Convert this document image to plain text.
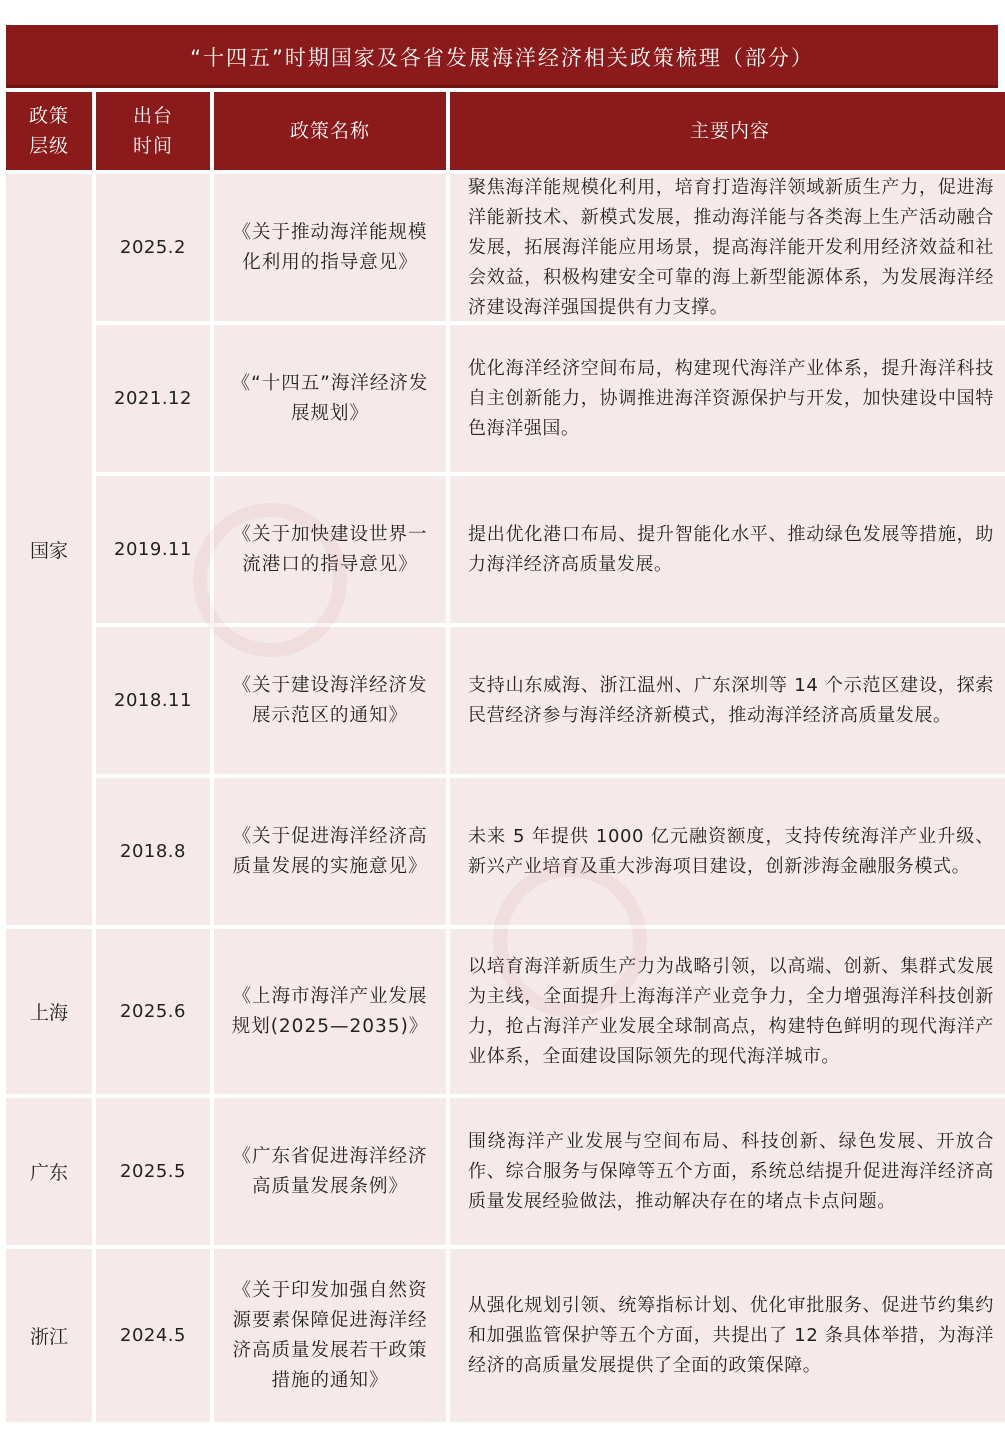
“十四五”时期国家及各省发展海洋经济相关政策梳理（部分）
政策
层级
出台
时间
政策名称	主要内容
国家
上海
广东
浙江
2025.2
《关于推动海洋能规模化利用的指导意见》
聚焦海洋能规模化利用，培育打造海洋领域新质生产力，促进海洋能新技术、新模式发展，推动海洋能与各类海上生产活动融合发展，拓展海洋能应用场景，提高海洋能开发利用经济效益和社会效益，积极构建安全可靠的海上新型能源体系，为发展海洋经济建设海洋强国提供有力支撑。
2021.12
《“十四五”海洋经济发展规划》
优化海洋经济空间布局，构建现代海洋产业体系，提升海洋科技自主创新能力，协调推进海洋资源保护与开发，加快建设中国特色海洋强国。
2019.11
《关于加快建设世界一流港口的指导意见》
提出优化港口布局、提升智能化水平、推动绿色发展等措施，助力海洋经济高质量发展。
2018.11
《关于建设海洋经济发展示范区的通知》
支持山东威海、浙江温州、广东深圳等 14 个示范区建设，探索民营经济参与海洋经济新模式，推动海洋经济高质量发展。
2018.8
《关于促进海洋经济高质量发展的实施意见》
未来 5 年提供 1000 亿元融资额度，支持传统海洋产业升级、新兴产业培育及重大涉海项目建设，创新涉海金融服务模式。
2025.6
《上海市海洋产业发展规划(2025—2035)》
以培育海洋新质生产力为战略引领，以高端、创新、集群式发展为主线，全面提升上海海洋产业竞争力，全力增强海洋科技创新力，抢占海洋产业发展全球制高点，构建特色鲜明的现代海洋产业体系，全面建设国际领先的现代海洋城市。
2025.5
《广东省促进海洋经济高质量发展条例》
围绕海洋产业发展与空间布局、科技创新、绿色发展、开放合作、综合服务与保障等五个方面，系统总结提升促进海洋经济高质量发展经验做法，推动解决存在的堵点卡点问题。
2024.5
《关于印发加强自然资源要素保障促进海洋经济高质量发展若干政策措施的通知》
从强化规划引领、统筹指标计划、优化审批服务、促进节约集约和加强监管保护等五个方面，共提出了 12 条具体举措，为海洋经济的高质量发展提供了全面的政策保障。
